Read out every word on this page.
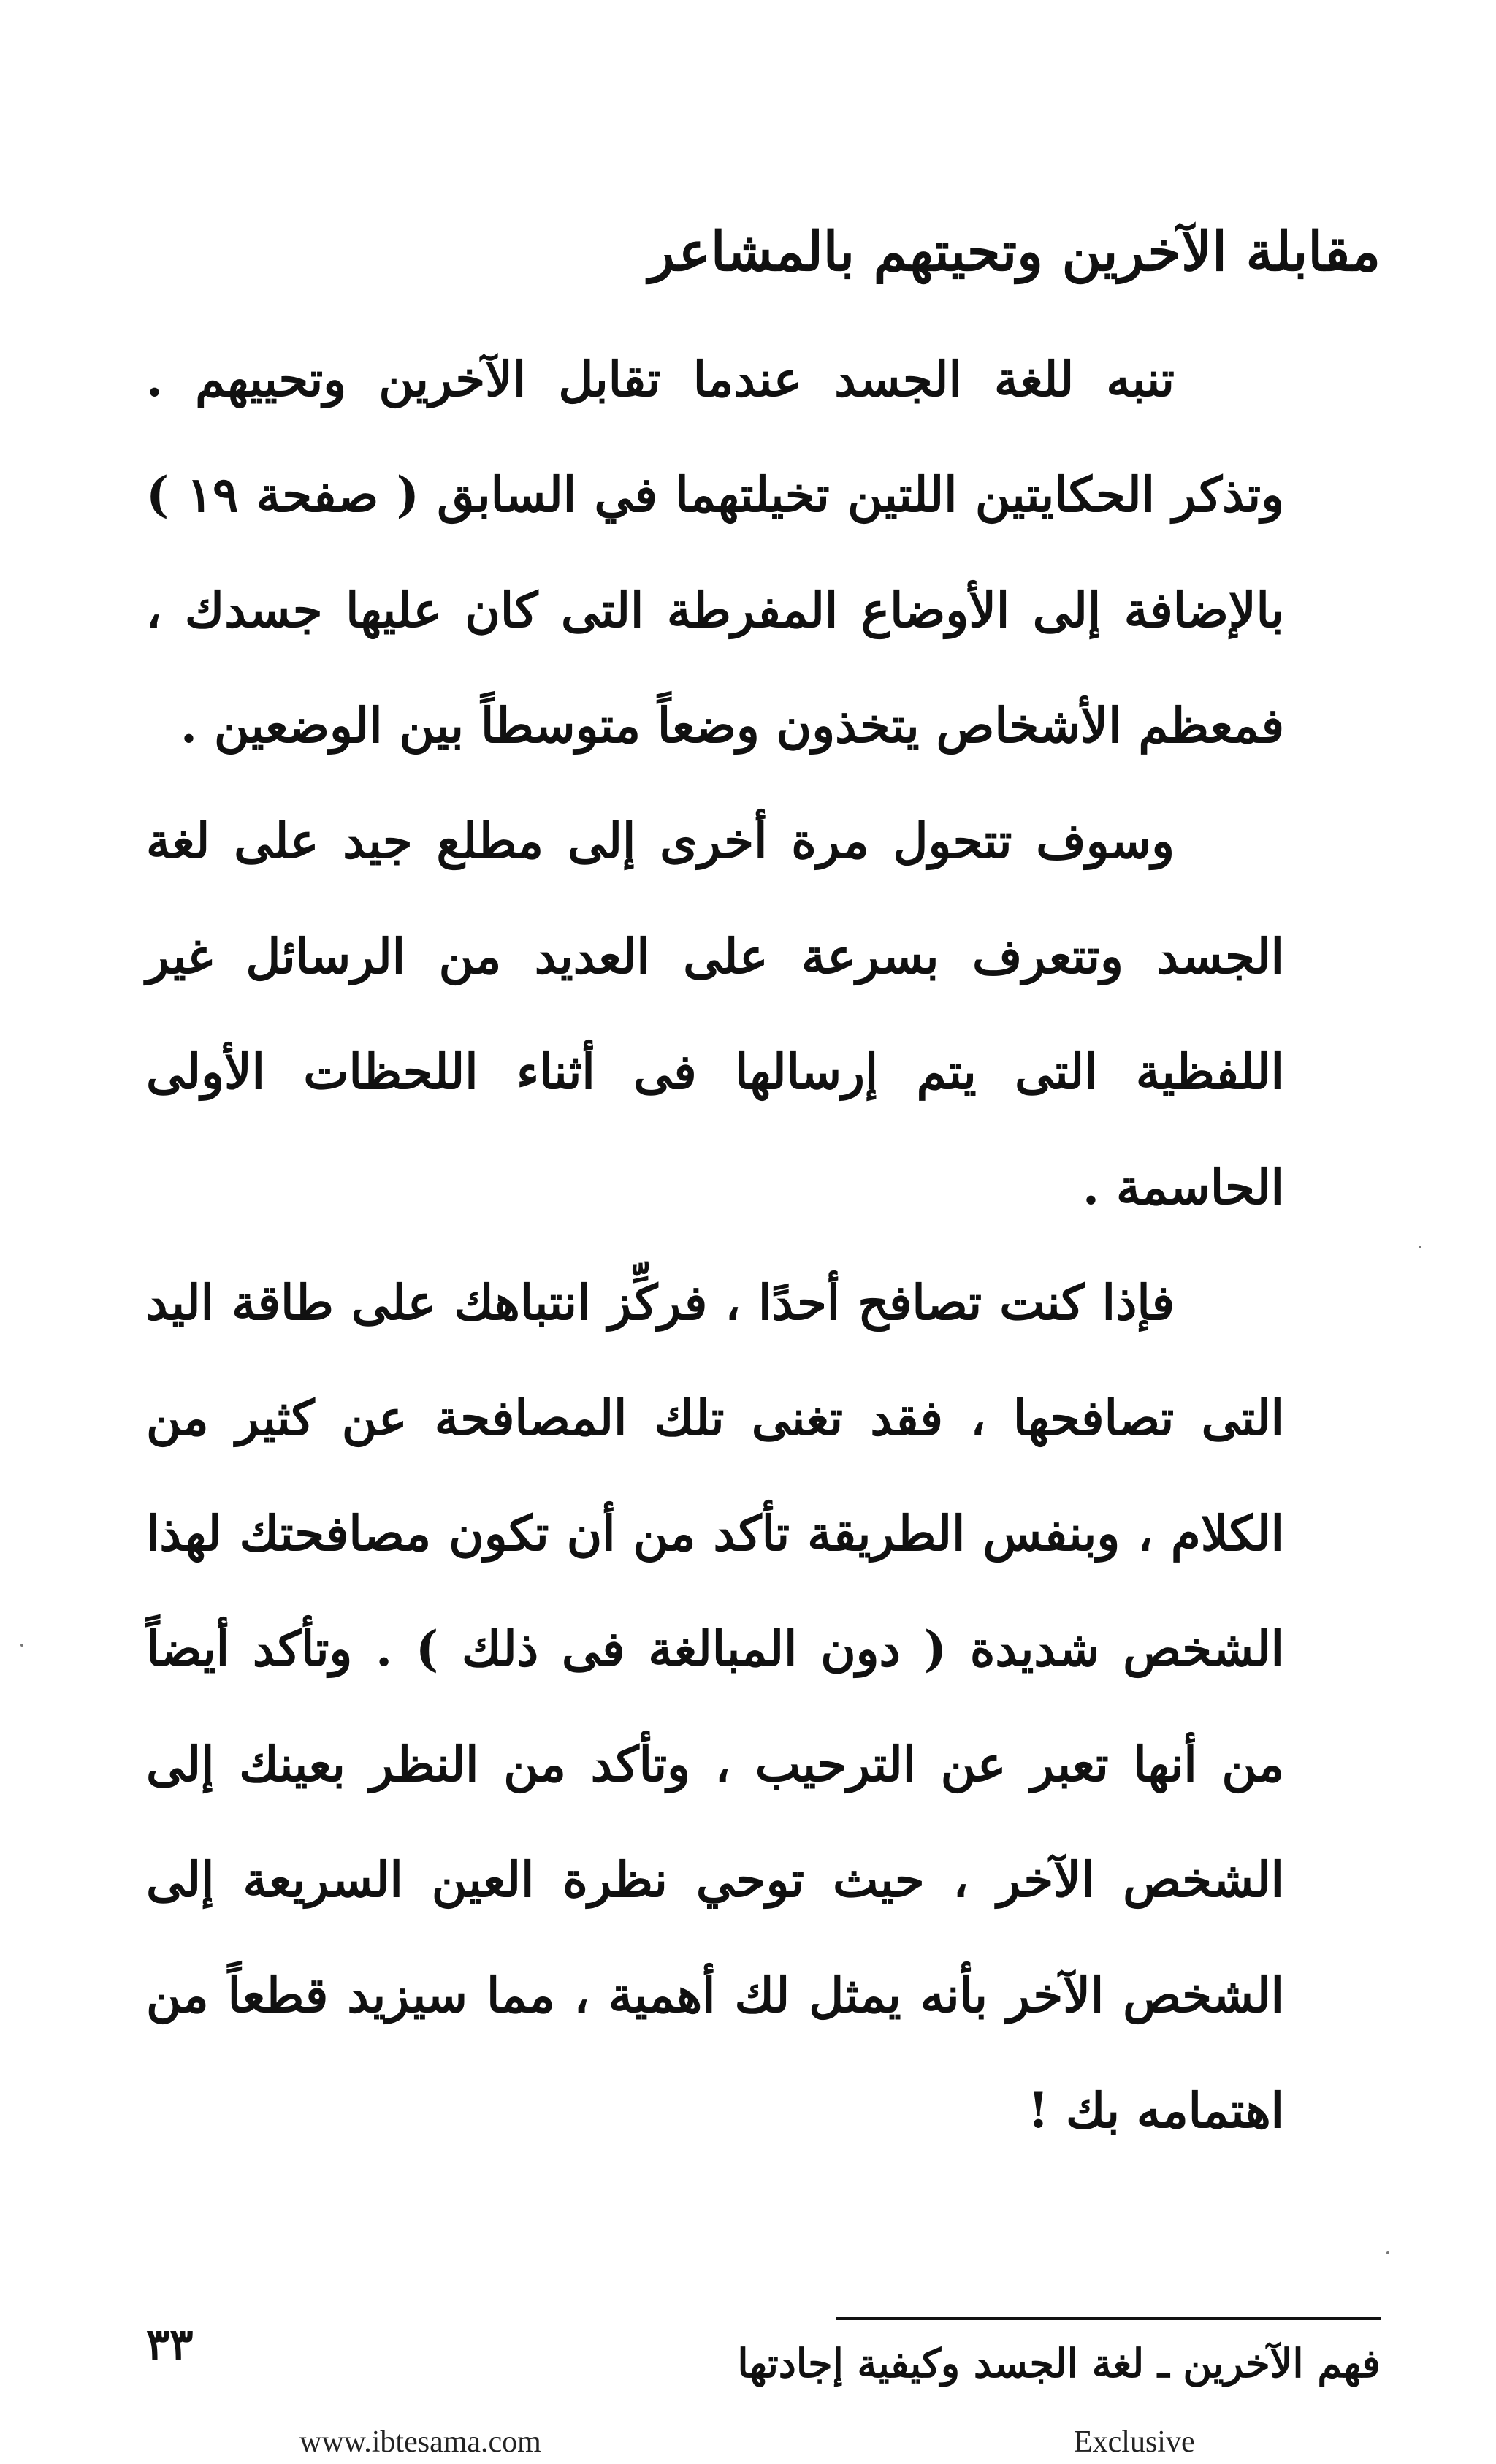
مقابلة الآخرين وتحيتهم بالمشاعر

تنبه للغة الجسد عندما تقابل الآخرين وتحييهم . وتذكر الحكايتين اللتين تخيلتهما في السابق ( صفحة ١٩ ) بالإضافة إلى الأوضاع المفرطة التى كان عليها جسدك ، فمعظم الأشخاص يتخذون وضعاً متوسطاً بين الوضعين .

وسوف تتحول مرة أخرى إلى مطلع جيد على لغة الجسد وتتعرف بسرعة على العديد من الرسائل غير اللفظية التى يتم إرسالها فى أثناء اللحظات الأولى الحاسمة .

فإذا كنت تصافح أحدًا ، فركِّز انتباهك على طاقة اليد التى تصافحها ، فقد تغنى تلك المصافحة عن كثير من الكلام ، وبنفس الطريقة تأكد من أن تكون مصافحتك لهذا الشخص شديدة ( دون المبالغة فى ذلك ) . وتأكد أيضاً من أنها تعبر عن الترحيب ، وتأكد من النظر بعينك إلى الشخص الآخر ، حيث توحي نظرة العين السريعة إلى الشخص الآخر بأنه يمثل لك أهمية ، مما سيزيد قطعاً من اهتمامه بك !

فهم الآخرين ـ لغة الجسد وكيفية إجادتها
٣٣
www.ibtesama.com	Exclusive
